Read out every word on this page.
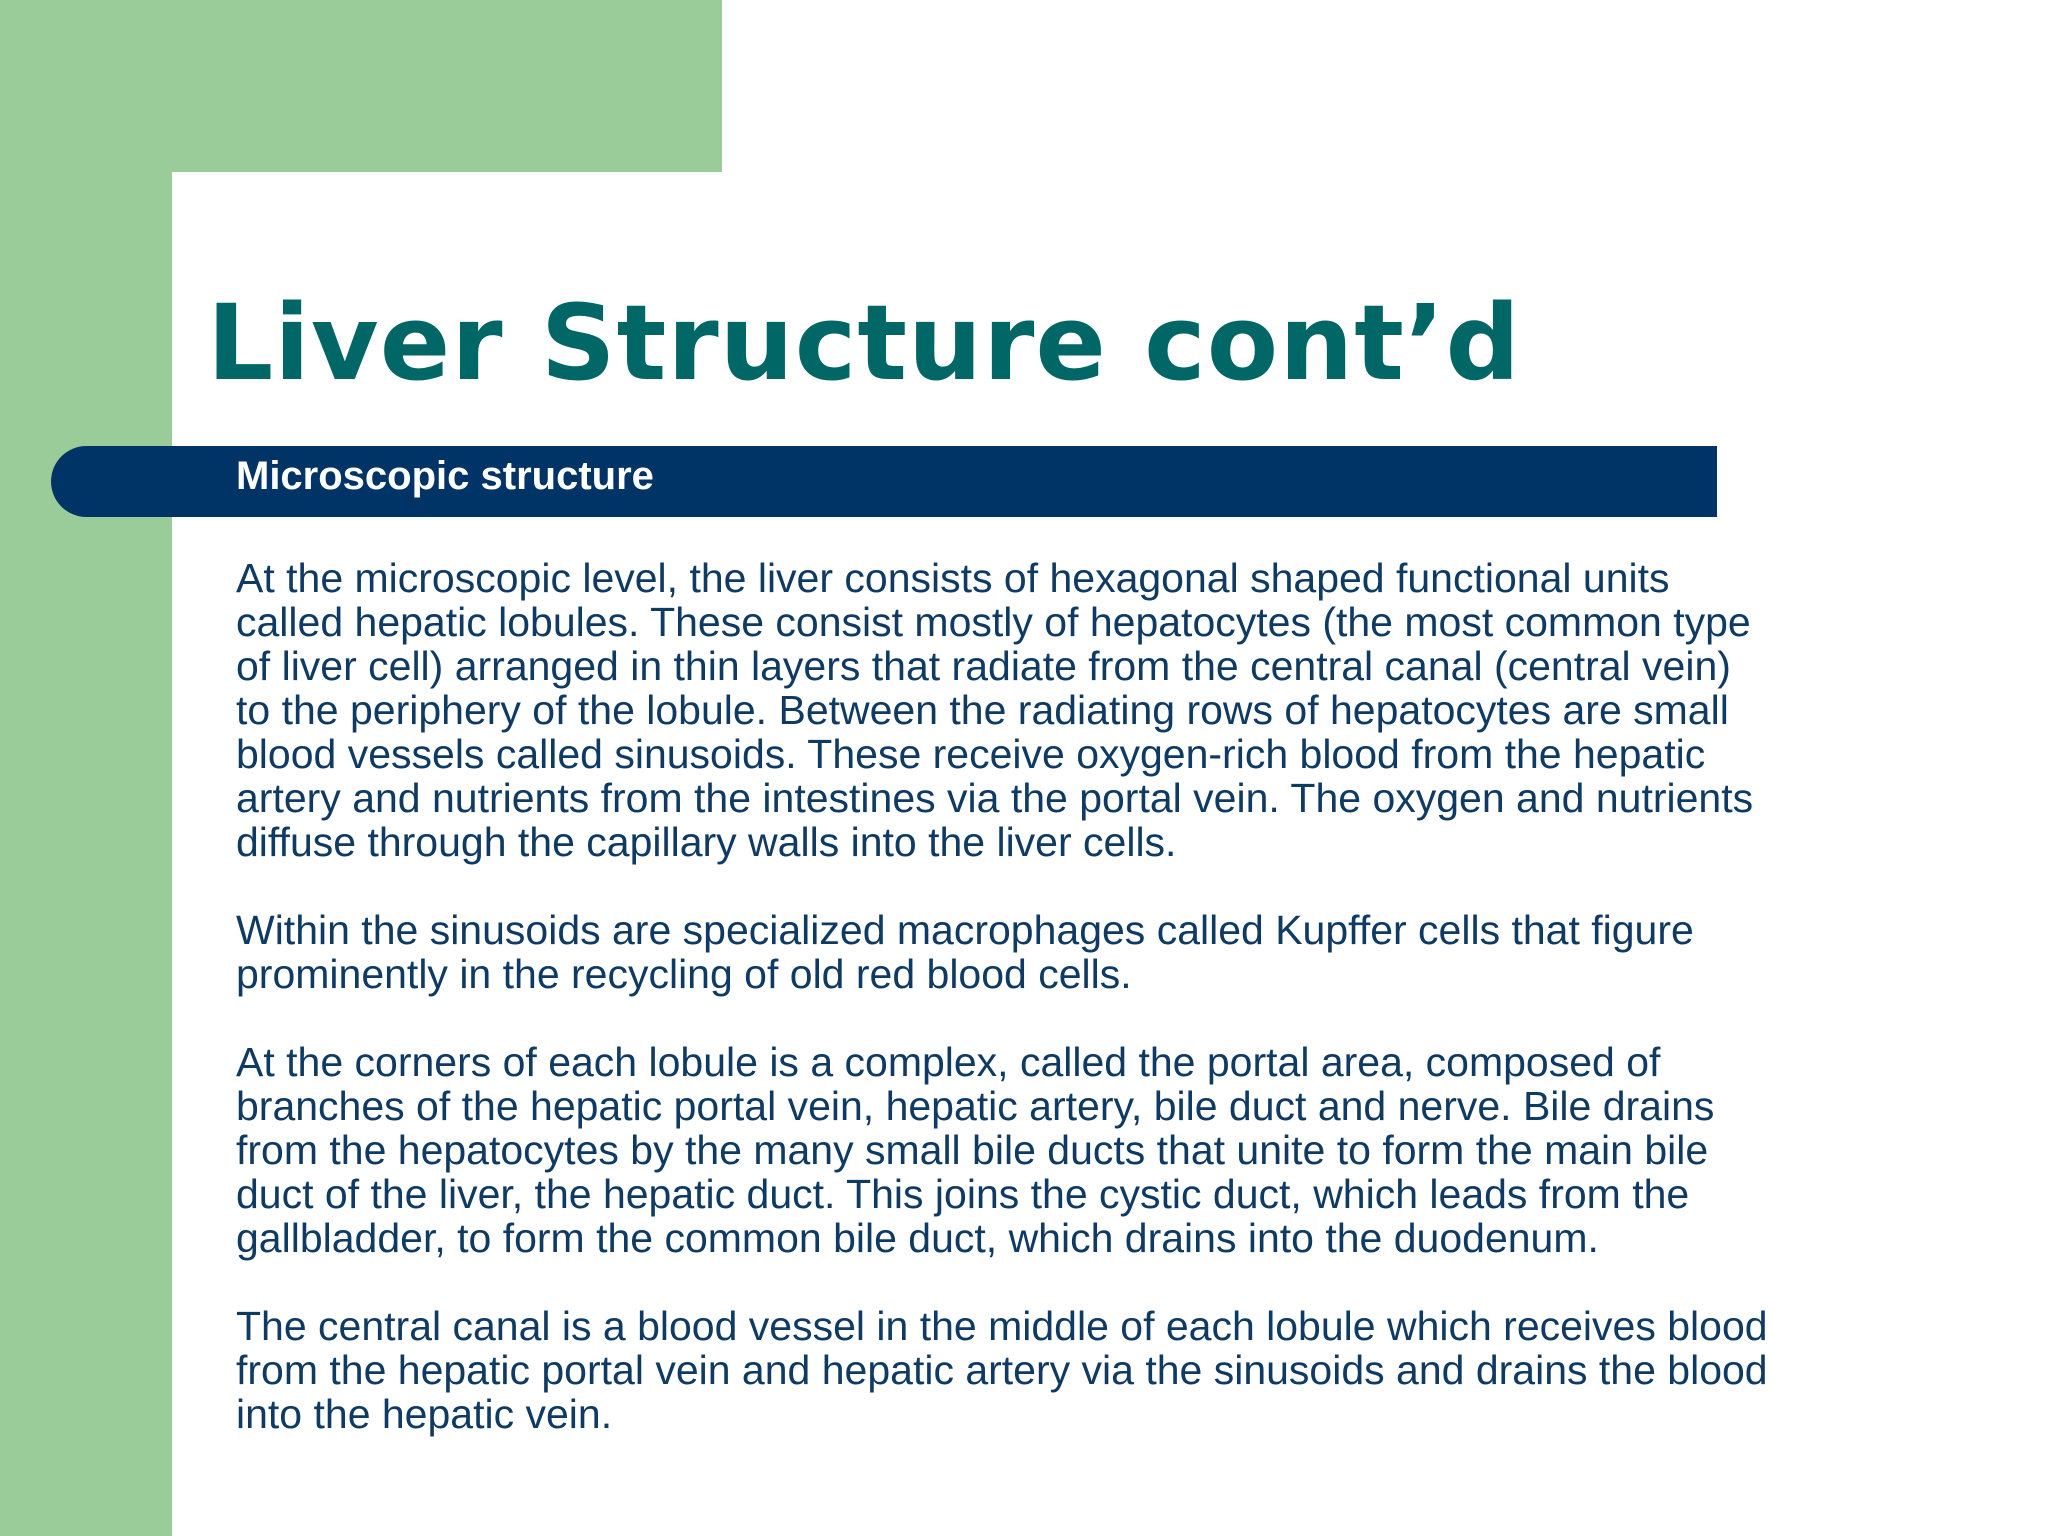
Liver Structure cont’d
Microscopic structure

At the microscopic level, the liver consists of hexagonal shaped functional units
called hepatic lobules. These consist mostly of hepatocytes (the most common type
of liver cell) arranged in thin layers that radiate from the central canal (central vein)
to the periphery of the lobule. Between the radiating rows of hepatocytes are small
blood vessels called sinusoids. These receive oxygen-rich blood from the hepatic
artery and nutrients from the intestines via the portal vein. The oxygen and nutrients
diffuse through the capillary walls into the liver cells.

Within the sinusoids are specialized macrophages called Kupffer cells that figure
prominently in the recycling of old red blood cells.

At the corners of each lobule is a complex, called the portal area, composed of
branches of the hepatic portal vein, hepatic artery, bile duct and nerve. Bile drains
from the hepatocytes by the many small bile ducts that unite to form the main bile
duct of the liver, the hepatic duct. This joins the cystic duct, which leads from the
gallbladder, to form the common bile duct, which drains into the duodenum.

The central canal is a blood vessel in the middle of each lobule which receives blood
from the hepatic portal vein and hepatic artery via the sinusoids and drains the blood
into the hepatic vein.
